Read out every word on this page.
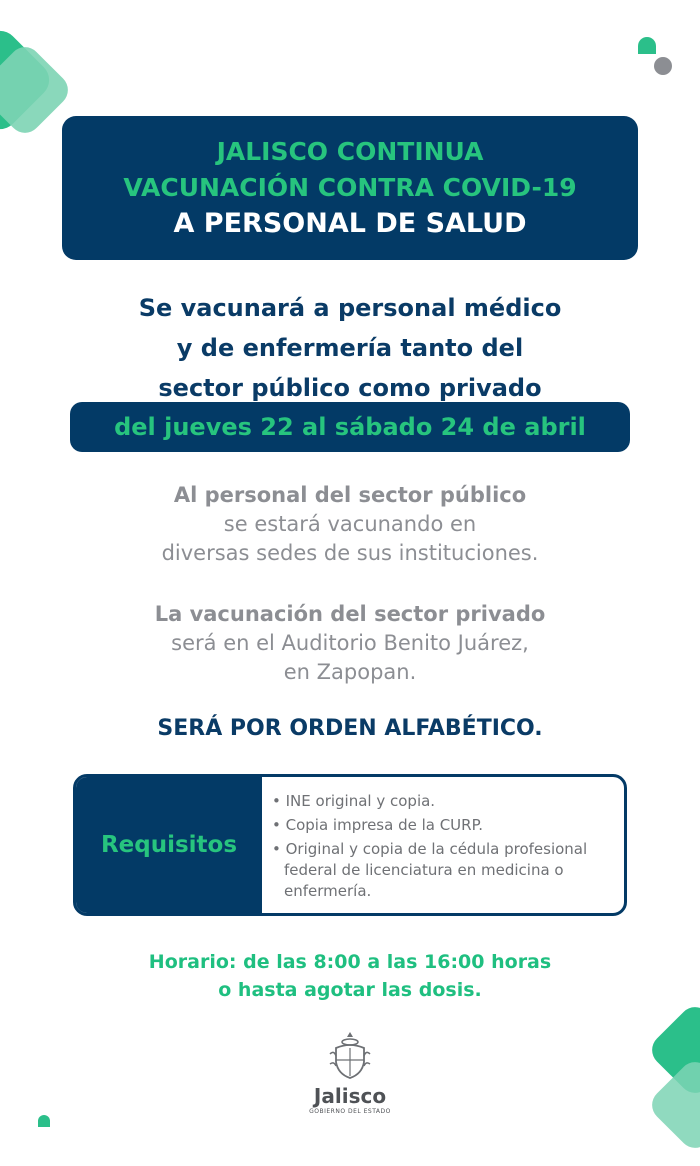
JALISCO CONTINUA
VACUNACIÓN CONTRA COVID-19
A PERSONAL DE SALUD
Se vacunará a personal médico
y de enfermería tanto del
sector público como privado
del jueves 22 al sábado 24 de abril
Al personal del sector público
se estará vacunando en
diversas sedes de sus instituciones.
La vacunación del sector privado
será en el Auditorio Benito Juárez,
en Zapopan.
SERÁ POR ORDEN ALFABÉTICO.
Requisitos
• INE original y copia.
• Copia impresa de la CURP.
• Original y copia de la cédula profesional federal de licenciatura en medicina o enfermería.
Horario: de las 8:00 a las 16:00 horas
o hasta agotar las dosis.
Jalisco
GOBIERNO DEL ESTADO
